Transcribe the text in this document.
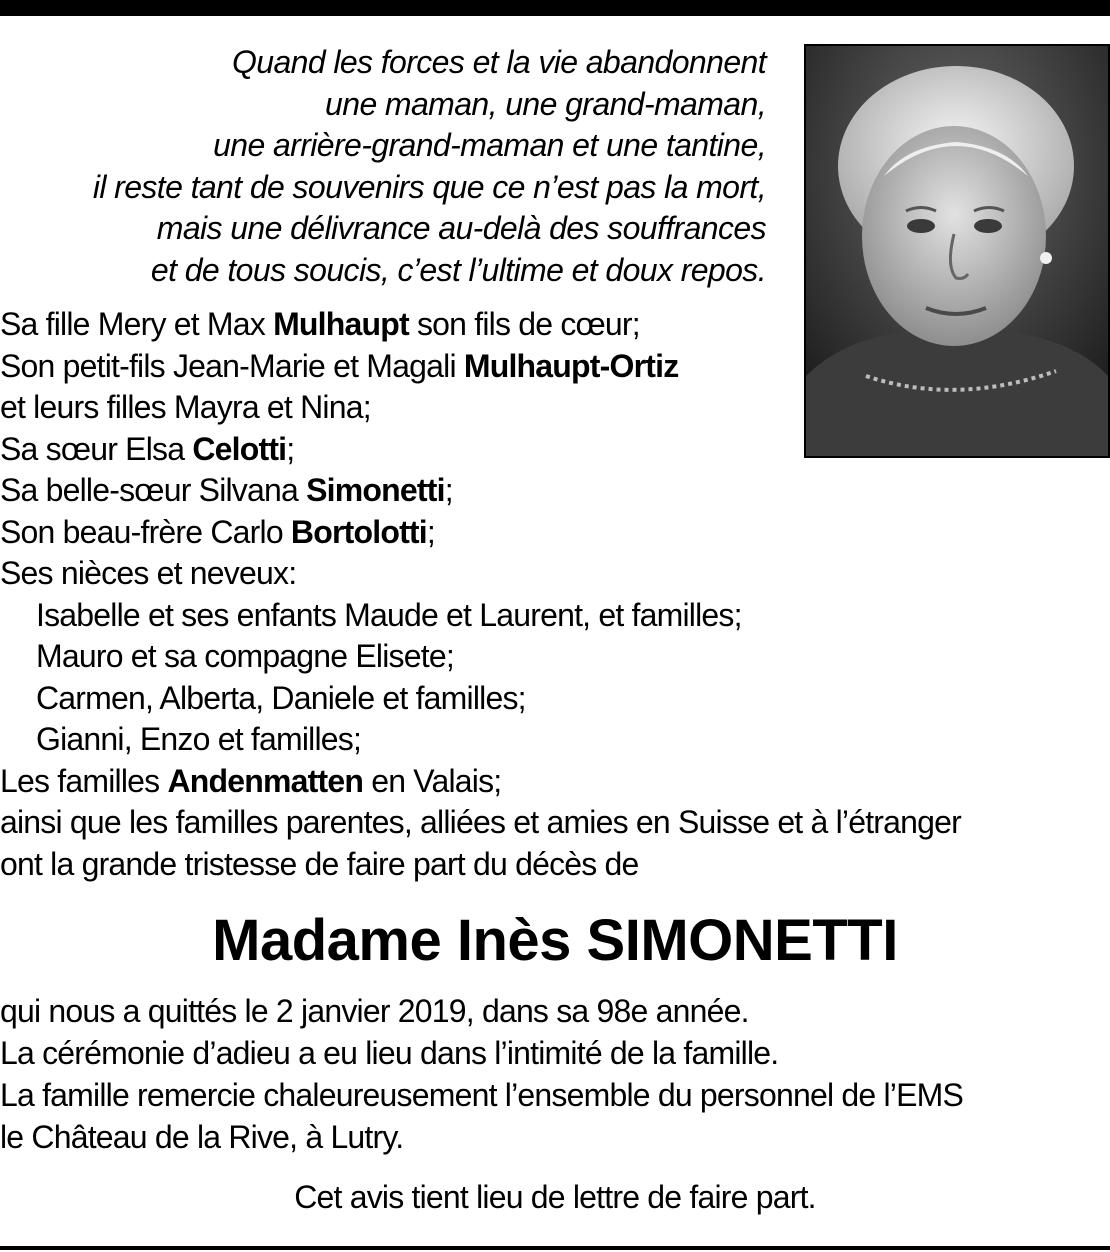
Quand les forces et la vie abandonnent
une maman, une grand-maman,
une arrière-grand-maman et une tantine,
il reste tant de souvenirs que ce n’est pas la mort,
mais une délivrance au-delà des souffrances
et de tous soucis, c’est l’ultime et doux repos.
Sa fille Mery et Max Mulhaupt son fils de cœur;
Son petit-fils Jean-Marie et Magali Mulhaupt-Ortiz
et leurs filles Mayra et Nina;
Sa sœur Elsa Celotti;
Sa belle-sœur Silvana Simonetti;
Son beau-frère Carlo Bortolotti;
Ses nièces et neveux:
Isabelle et ses enfants Maude et Laurent, et familles;
Mauro et sa compagne Elisete;
Carmen, Alberta, Daniele et familles;
Gianni, Enzo et familles;
Les familles Andenmatten en Valais;
ainsi que les familles parentes, alliées et amies en Suisse et à l’étranger
ont la grande tristesse de faire part du décès de
Madame Inès SIMONETTI
qui nous a quittés le 2 janvier 2019, dans sa 98e année.
La cérémonie d’adieu a eu lieu dans l’intimité de la famille.
La famille remercie chaleureusement l’ensemble du personnel de l’EMS
le Château de la Rive, à Lutry.
Cet avis tient lieu de lettre de faire part.
